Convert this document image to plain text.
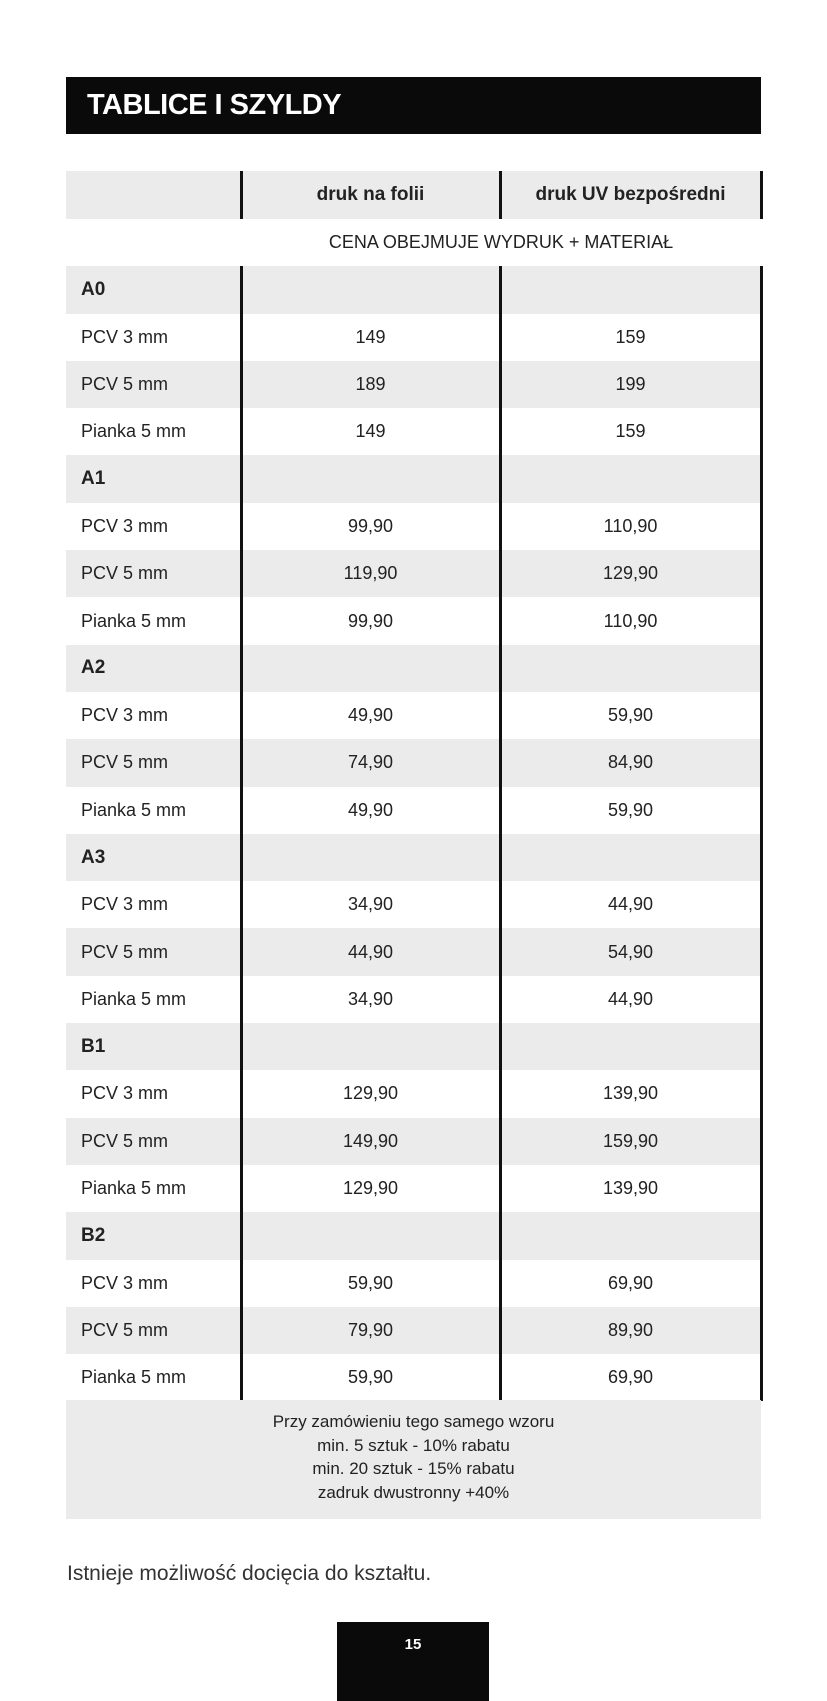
TABLICE I SZYLDY
	druk na folii	druk UV bezpośredni
	CENA OBEJMUJE WYDRUK + MATERIAŁ	
A0		
PCV 3 mm	149	159
PCV 5 mm	189	199
Pianka 5 mm	149	159
A1		
PCV 3 mm	99,90	110,90
PCV 5 mm	119,90	129,90
Pianka 5 mm	99,90	110,90
A2		
PCV 3 mm	49,90	59,90
PCV 5 mm	74,90	84,90
Pianka 5 mm	49,90	59,90
A3		
PCV 3 mm	34,90	44,90
PCV 5 mm	44,90	54,90
Pianka 5 mm	34,90	44,90
B1		
PCV 3 mm	129,90	139,90
PCV 5 mm	149,90	159,90
Pianka 5 mm	129,90	139,90
B2		
PCV 3 mm	59,90	69,90
PCV 5 mm	79,90	89,90
Pianka 5 mm	59,90	69,90
Przy zamówieniu tego samego wzoru
min. 5 sztuk - 10% rabatu
min. 20 sztuk - 15% rabatu
zadruk dwustronny +40%
Istnieje możliwość docięcia do kształtu.
15
